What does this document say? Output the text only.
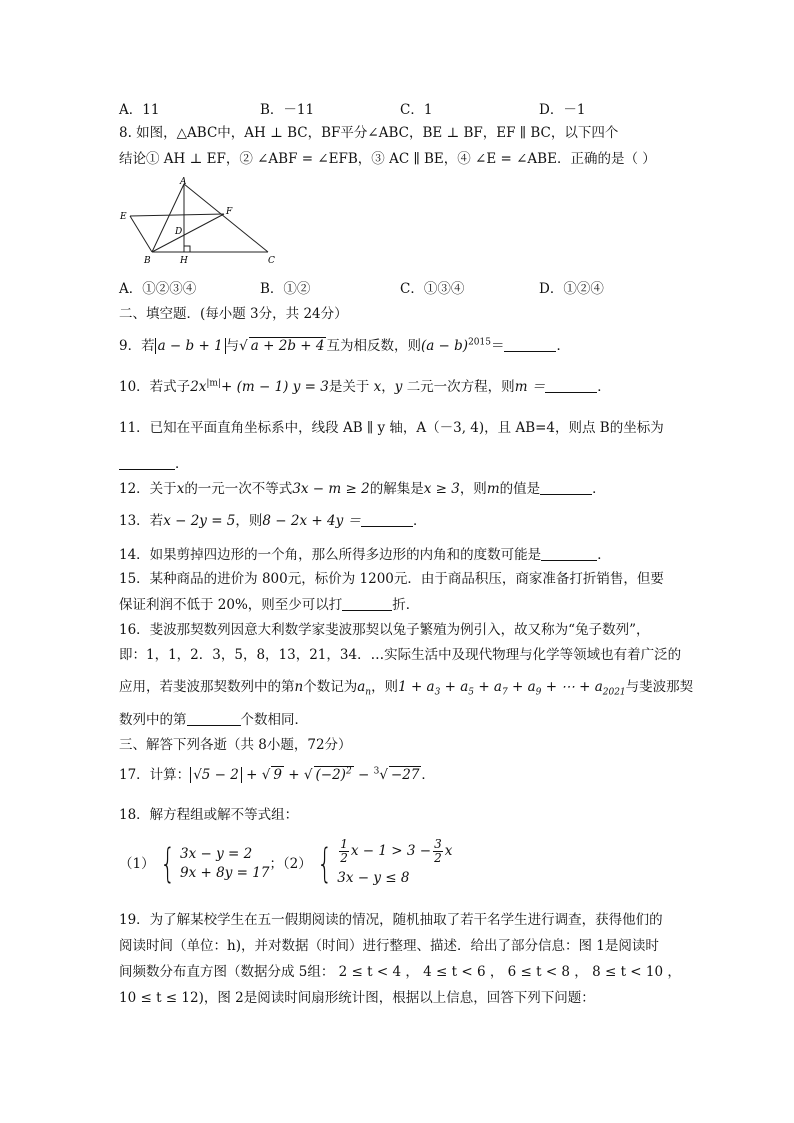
A．11	B．－11	C．1	D．－1
8. 如图，△ABC中，AH ⊥ BC，BF平分∠ABC，BE ⊥ BF，EF ∥ BC，以下四个
结论① AH ⊥ EF，② ∠ABF = ∠EFB，③ AC ∥ BE，④ ∠E = ∠ABE．正确的是（ ）
A
E	F
D
B	H	C
A．①②③④	B．①②	C．①③④	D．①②④
二、填空题．(每小题 3分，共 24分）
9．若 a − b + 1 与√ a + 2b + 4 互为相反数，则$(a - b)^{2015}=$	．
10．若式子$2x^{|m|}+ (m - 1) y = 3$是关于 x，y 二元一次方程，则m ＝	．
11．已知在平面直角坐标系中，线段 AB ∥ y 轴，A（－3, 4)，且 AB=4，则点 B的坐标为
．
12．关于x的一元一次不等式3x − m ≥ 2的解集是x ≥ 3，则m的值是	．
13．若x − 2y = 5，则8 − 2x + 4y ＝	．
14．如果剪掉四边形的一个角，那么所得多边形的内角和的度数可能是	．
15．某种商品的进价为 800元，标价为 1200元．由于商品积压，商家准备打折销售，但要
保证利润不低于 20%，则至少可以打	折．
16．斐波那契数列因意大利数学家斐波那契以兔子繁殖为例引入，故又称为“兔子数列”，
即：1，1，2．3，5，8，13，21，34．…实际生活中及现代物理与化学等领域也有着广泛的
应用，若斐波那契数列中的第n个数记为$a_n$，则$1 + a_3 + a_5 + a_7 + a_9$ + ⋯ + $a_{2021}$与斐波那契
数列中的第	个数相同．
三、解答下列各逝（共 8小题，72分）
17．计算： √5 − 2 + √ 9 + √ $(-2)^2 - ^3√ -27$ ．
18．解方程组或解不等式组：
（1） { 3x − y = 2
9x + 8y = 17
；（2） { $\frac{1}{2}$ $x - 1 > 3 - \frac{3}{2}$ x
3x − y ≤ 8
19．为了解某校学生在五一假期阅读的情况，随机抽取了若干名学生进行调查，获得他们的
阅读时间（单位：h)，并对数据（时间）进行整理、描述．给出了部分信息：图 1是阅读时
间频数分布直方图（数据分成 5组： 2 ≤ t < 4 ， 4 ≤ t < 6 ， 6 ≤ t < 8 ， 8 ≤ t < 10 ，
10 ≤ t ≤ 12)，图 2是阅读时间扇形统计图，根据以上信息，回答下列下问题：
